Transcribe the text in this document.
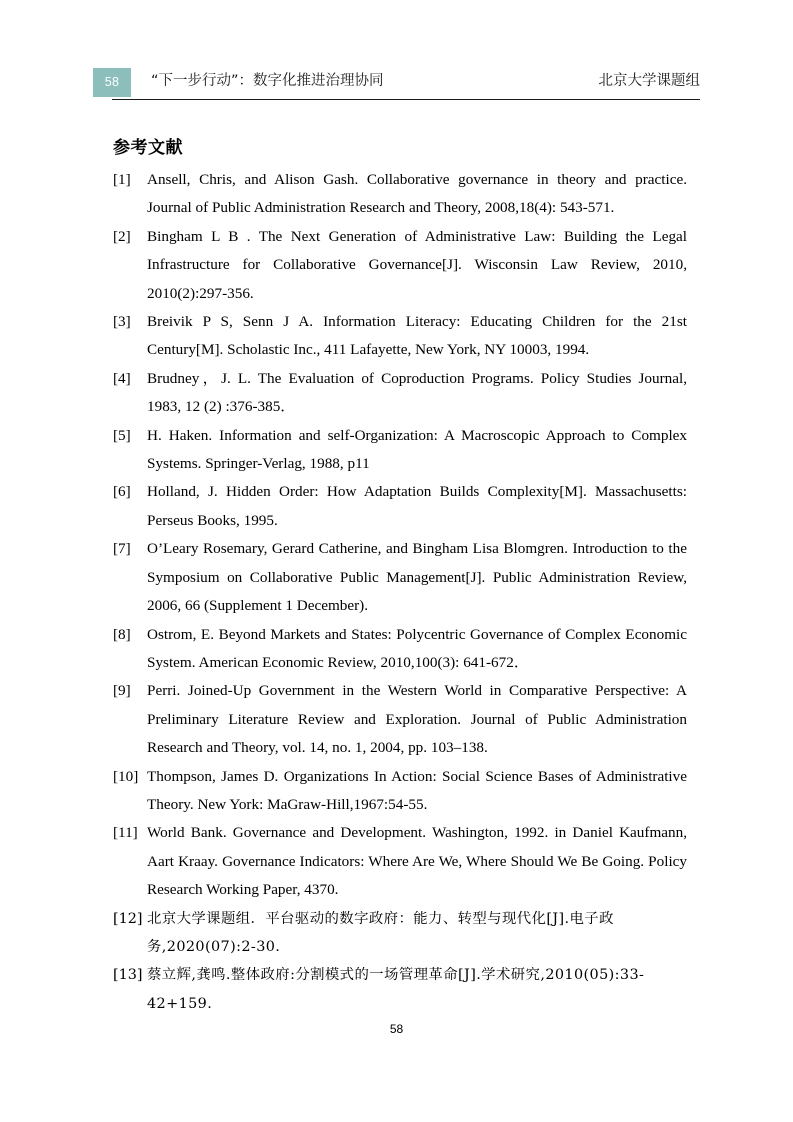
58	“下一步行动”：数字化推进治理协同	北京大学课题组
参考文献
[1]	Ansell, Chris, and Alison Gash. Collaborative governance in theory and practice. Journal of Public Administration Research and Theory, 2008,18(4): 543-571.
[2]	Bingham L B . The Next Generation of Administrative Law: Building the Legal Infrastructure for Collaborative Governance[J]. Wisconsin Law Review, 2010, 2010(2):297-356.
[3]	Breivik P S, Senn J A. Information Literacy: Educating Children for the 21st Century[M]. Scholastic Inc., 411 Lafayette, New York, NY 10003, 1994.
[4]	Brudney，J. L. The Evaluation of Coproduction Programs. Policy Studies Journal, 1983, 12 (2) :376-385．
[5]	H. Haken. Information and self-Organization: A Macroscopic Approach to Complex Systems. Springer-Verlag, 1988, p11
[6]	Holland, J. Hidden Order: How Adaptation Builds Complexity[M]. Massachusetts: Perseus Books, 1995.
[7]	O’Leary Rosemary, Gerard Catherine, and Bingham Lisa Blomgren. Introduction to the Symposium on Collaborative Public Management[J]. Public Administration Review, 2006, 66 (Supplement 1 December).
[8]	Ostrom, E. Beyond Markets and States: Polycentric Governance of Complex Economic System. American Economic Review, 2010,100(3): 641-672．
[9]	Perri. Joined-Up Government in the Western World in Comparative Perspective: A Preliminary Literature Review and Exploration. Journal of Public Administration Research and Theory, vol. 14, no. 1, 2004, pp. 103–138.
[10] Thompson, James D. Organizations In Action: Social Science Bases of Administrative Theory. New York: MaGraw-Hill,1967:54-55.
[11] World Bank. Governance and Development. Washington, 1992. in Daniel Kaufmann, Aart Kraay. Governance Indicators: Where Are We, Where Should We Be Going. Policy Research Working Paper, 4370.
[12] 北京大学课题组．平台驱动的数字政府：能力、转型与现代化[J].电子政务,2020(07):2-30.
[13] 蔡立辉,龚鸣.整体政府:分割模式的一场管理革命[J].学术研究,2010(05):33-42+159.
58
